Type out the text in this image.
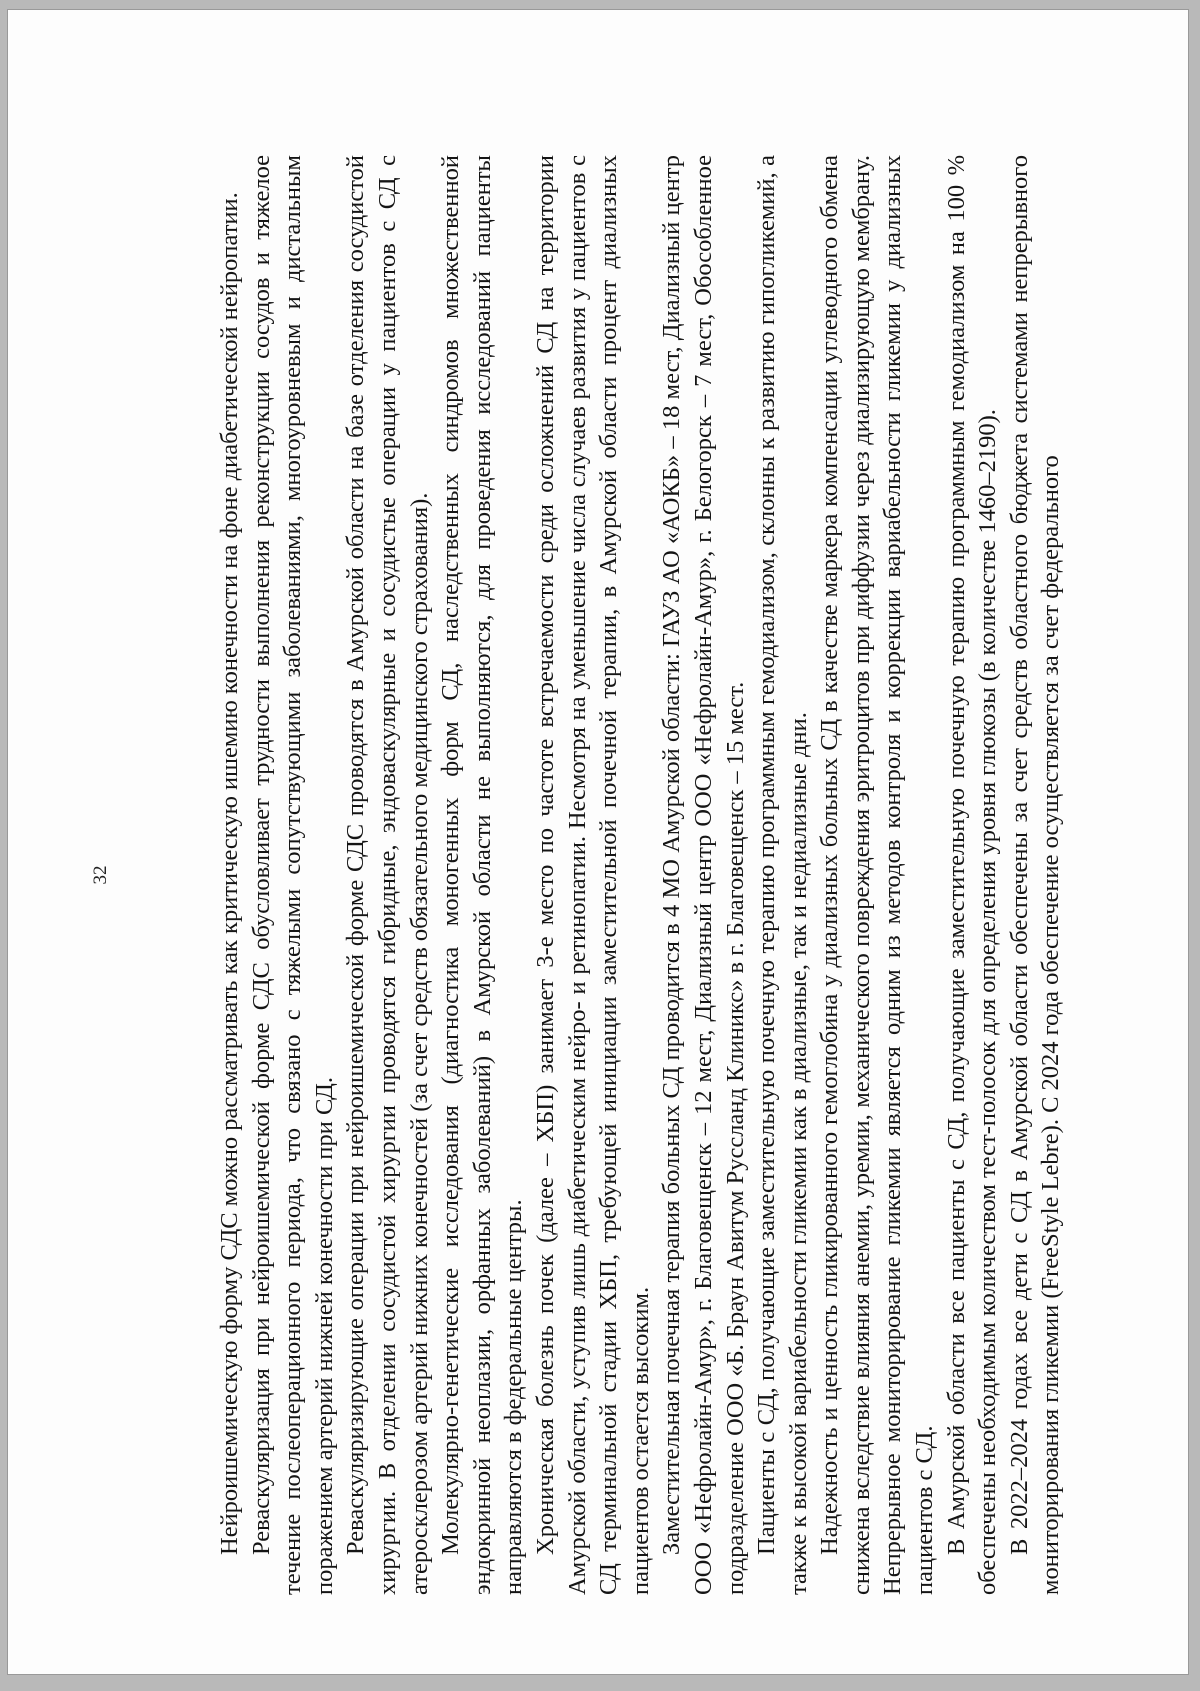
32	Нейроишемическую форму СДС можно рассматривать как критическую ишемию конечности на фоне диабетической нейропатии. Реваскуляризация при нейроишемической форме СДС обусловливает трудности выполнения реконструкции сосудов и тяжелое течение послеоперационного периода, что связано с тяжелыми сопутствующими заболеваниями, многоуровневым и дистальным поражением артерий нижней конечности при СД. Реваскуляризирующие операции при нейроишемической форме СДС проводятся в Амурской области на базе отделения сосудистой хирургии. В отделении сосудистой хирургии проводятся гибридные, эндоваскулярные и сосудистые операции у пациентов с СД с атеросклерозом артерий нижних конечностей (за счет средств обязательного медицинского страхования). Молекулярно-генетические исследования (диагностика моногенных форм СД, наследственных синдромов множественной эндокринной неоплазии, орфанных заболеваний) в Амурской области не выполняются, для проведения исследований пациенты направляются в федеральные центры. Хроническая болезнь почек (далее – ХБП) занимает 3-е место по частоте встречаемости среди осложнений СД на территории Амурской области, уступив лишь диабетическим нейро- и ретинопатии. Несмотря на уменьшение числа случаев развития у пациентов с СД терминальной стадии ХБП, требующей инициации заместительной почечной терапии, в Амурской области процент диализных пациентов остается высоким. Заместительная почечная терапия больных СД проводится в 4 МО Амурской области: ГАУЗ АО «АОКБ» – 18 мест, Диализный центр ООО «Нефролайн-Амур», г. Благовещенск – 12 мест, Диализный центр ООО «Нефролайн-Амур», г. Белогорск – 7 мест, Обособленное подразделение ООО «Б. Браун Авитум Руссланд Клиникс» в г. Благовещенск – 15 мест. Пациенты с СД, получающие заместительную почечную терапию программным гемодиализом, склонны к развитию гипогликемий, а также к высокой вариабельности гликемии как в диализные, так и недиализные дни. Надежность и ценность гликированного гемоглобина у диализных больных СД в качестве маркера компенсации углеводного обмена снижена вследствие влияния анемии, уремии, механического повреждения эритроцитов при диффузии через диализирующую мембрану. Непрерывное мониторирование гликемии является одним из методов контроля и коррекции вариабельности гликемии у диализных пациентов с СД. В Амурской области все пациенты с СД, получающие заместительную почечную терапию программным гемодиализом на 100 % обеспечены необходимым количеством тест-полосок для определения уровня глюкозы (в количестве 1460–2190). В 2022–2024 годах все дети с СД в Амурской области обеспечены за счет средств областного бюджета системами непрерывного мониторирования гликемии (FreeStyle Lebre). С 2024 года обеспечение осуществляется за счет федерального
